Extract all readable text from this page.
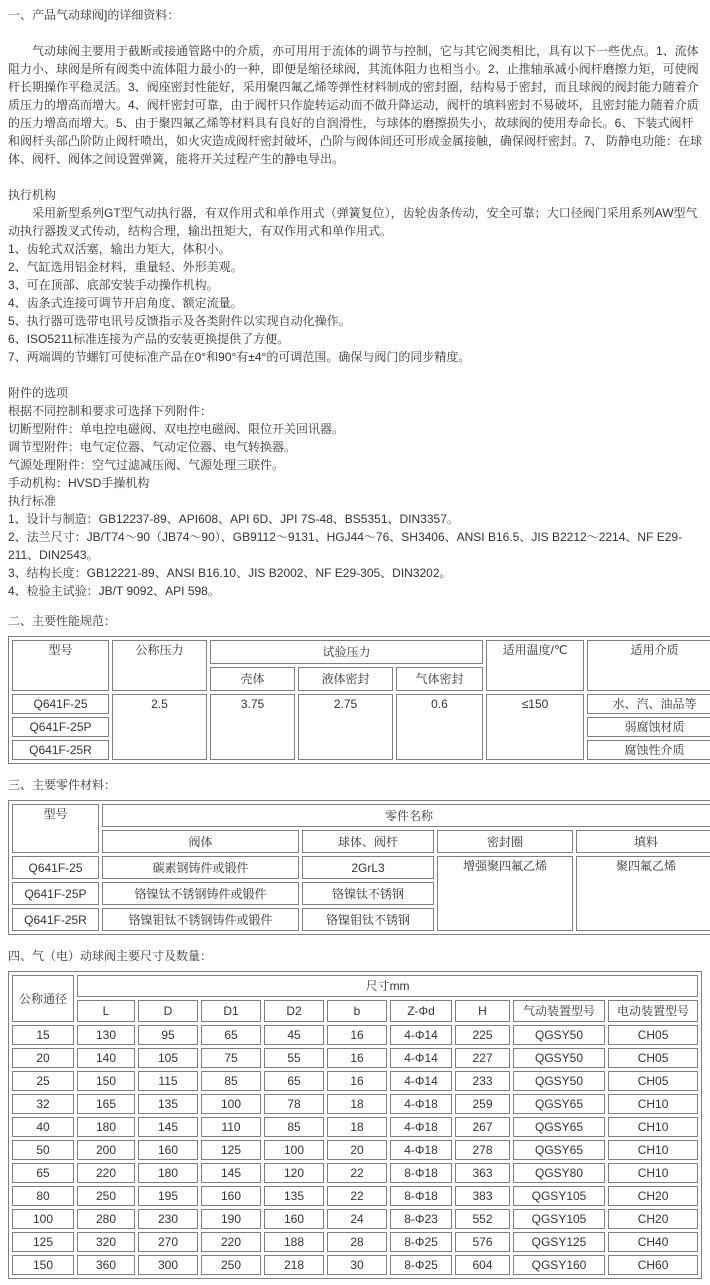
一、产品气动球阀]的详细资料：
气动球阀主要用于截断或接通管路中的介质，亦可用用于流体的调节与控制，它与其它阀类相比，具有以下一些优点。1、流体阻力小、球阀是所有阀类中流体阻力最小的一种，即便是缩径球阀，其流体阻力也相当小。2、止推轴承减小阀杆磨擦力矩，可使阀杆长期操作平稳灵活。3、阀座密封性能好，采用聚四氟乙烯等弹性材料制成的密封圈，结构易于密封，而且球阀的阀封能力随着介质压力的增高而增大。4、阀杆密封可靠，由于阀杆只作旋转运动而不做升降运动，阀杆的填料密封不易破坏，且密封能力随着介质的压力增高而增大。5、由于聚四氟乙烯等材料具有良好的自润滑性，与球体的磨擦损失小，故球阀的使用寿命长。6、下装式阀杆和阀杆头部凸阶防止阀杆喷出，如火灾造成阀杆密封破坏，凸阶与阀体间还可形成金属接触，确保阀杆密封。7、 防静电功能：在球体、阀杆、阀体之间设置弹簧，能将开关过程产生的静电导出。
执行机构
采用新型系列GT型气动执行器，有双作用式和单作用式（弹簧复位），齿轮齿条传动，安全可靠；大口径阀门采用系列AW型气动执行器拨叉式传动，结构合理，输出扭矩大，有双作用式和单作用式。
1、齿轮式双活塞，输出力矩大，体积小。
2、气缸选用铝金材料，重量轻、外形美观。
3、可在顶部、底部安装手动操作机构。
4、齿条式连接可调节开启角度、额定流量。
5、执行器可选带电讯号反馈指示及各类附件以实现自动化操作。
6、ISO5211标准连接为产品的安装更换提供了方便。
7、两端调的节螺钉可使标准产品在0°和90°有±4°的可调范围。确保与阀门的同步精度。
附件的选项
根据不同控制和要求可选择下列附件：
切断型附件：单电控电磁阀、双电控电磁阀、限位开关回讯器。
调节型附件：电气定位器、气动定位器、电气转换器。
气源处理附件：空气过滤减压阀、气源处理三联件。
手动机构：HVSD手操机构
执行标准
1、设计与制造：GB12237-89、API608、API 6D、JPI 7S-48、BS5351、DIN3357。
2、法兰尺寸：JB/T74～90（JB74～90）、GB9112～9131、HGJ44～76、SH3406、ANSI B16.5、JIS B2212～2214、NF E29-211、DIN2543。
3、结构长度：GB12221-89、ANSI B16.10、JIS B2002、NF E29-305、DIN3202。
4、检验主试验：JB/T 9092、API 598。
二、主要性能规范：
型号	公称压力	试验压力			适用温度/℃	适用介质
		壳体	液体密封	气体密封		
Q641F-25	2.5	3.75	2.75	0.6	≤150	水、汽、油品等
Q641F-25P						弱腐蚀材质
Q641F-25R						腐蚀性介质
三、主要零件材料：
型号	零件名称			
	阀体	球体、阀杆	密封圈	填料
Q641F-25	碳素钢铸件或锻件	2GrL3	增强聚四氟乙烯	聚四氟乙烯
Q641F-25P	铬镍钛不锈钢铸件或锻件	铬镍钛不锈钢		
Q641F-25R	铬镍钼钛不锈钢铸件或锻件	铬镍钼钛不锈钢		
四、气（电）动球阀主要尺寸及数量：
公称通径	尺寸mm								
	L	D	D1	D2	b	Z-Φd	H	气动装置型号	电动装置型号
15	130	95	65	45	16	4-Φ14	225	QGSY50	CH05
20	140	105	75	55	16	4-Φ14	227	QGSY50	CH05
25	150	115	85	65	16	4-Φ14	233	QGSY50	CH05
32	165	135	100	78	18	4-Φ18	259	QGSY65	CH10
40	180	145	110	85	18	4-Φ18	267	QGSY65	CH10
50	200	160	125	100	20	4-Φ18	278	QGSY65	CH10
65	220	180	145	120	22	8-Φ18	363	QGSY80	CH10
80	250	195	160	135	22	8-Φ18	383	QGSY105	CH20
100	280	230	190	160	24	8-Φ23	552	QGSY105	CH20
125	320	270	220	188	28	8-Φ25	576	QGSY125	CH40
150	360	300	250	218	30	8-Φ25	604	QGSY160	CH60
